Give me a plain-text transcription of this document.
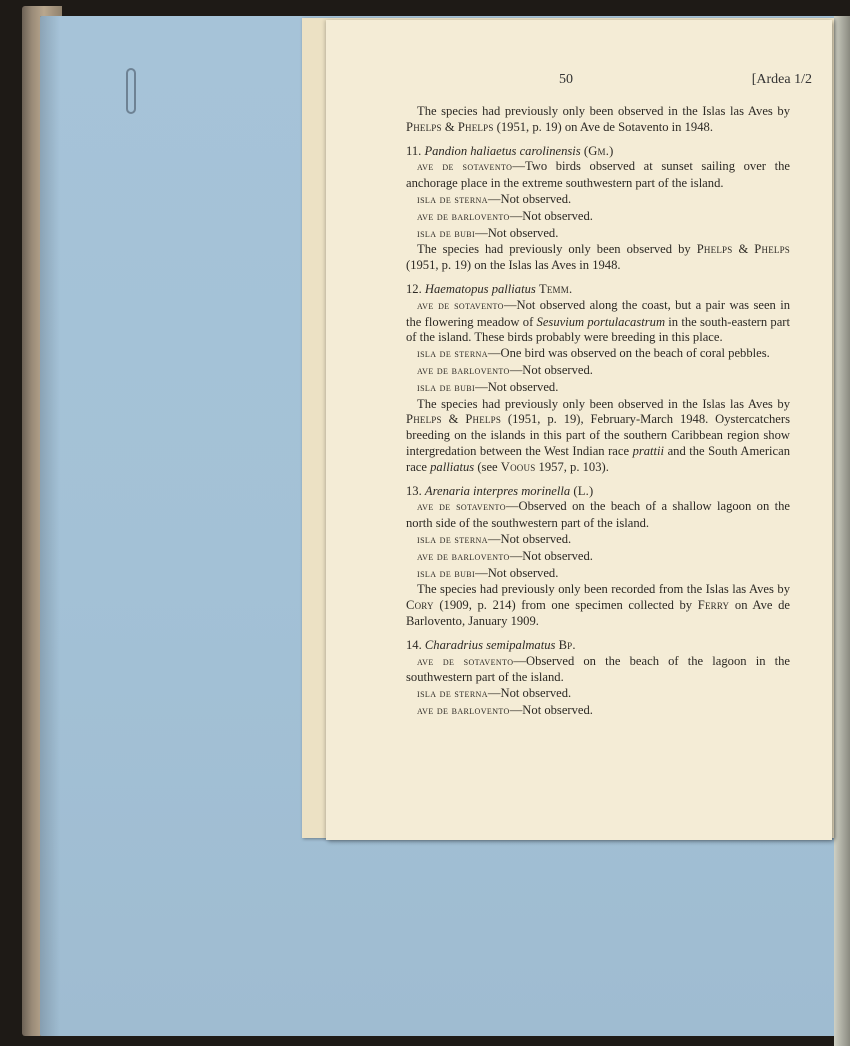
50	[Ardea 1/2

The species had previously only been observed in the Islas las Aves by Phelps & Phelps (1951, p. 19) on Ave de Sotavento in 1948.

11. Pandion haliaetus carolinensis (Gm.)

ave de sotavento—Two birds observed at sunset sailing over the anchorage place in the extreme southwestern part of the island.

isla de sterna—Not observed.

ave de barlovento—Not observed.

isla de bubi—Not observed.

The species had previously only been observed by Phelps & Phelps (1951, p. 19) on the Islas las Aves in 1948.

12. Haematopus palliatus Temm.

ave de sotavento—Not observed along the coast, but a pair was seen in the flowering meadow of Sesuvium portulacastrum in the south-eastern part of the island. These birds probably were breeding in this place.

isla de sterna—One bird was observed on the beach of coral pebbles.

ave de barlovento—Not observed.

isla de bubi—Not observed.

The species had previously only been observed in the Islas las Aves by Phelps & Phelps (1951, p. 19), February-March 1948. Oystercatchers breeding on the islands in this part of the southern Caribbean region show intergredation between the West Indian race prattii and the South American race palliatus (see Voous 1957, p. 103).

13. Arenaria interpres morinella (L.)

ave de sotavento—Observed on the beach of a shallow lagoon on the north side of the southwestern part of the island.

isla de sterna—Not observed.

ave de barlovento—Not observed.

isla de bubi—Not observed.

The species had previously only been recorded from the Islas las Aves by Cory (1909, p. 214) from one specimen collected by Ferry on Ave de Barlovento, January 1909.

14. Charadrius semipalmatus Bp.

ave de sotavento—Observed on the beach of the lagoon in the southwestern part of the island.

isla de sterna—Not observed.

ave de barlovento—Not observed.
